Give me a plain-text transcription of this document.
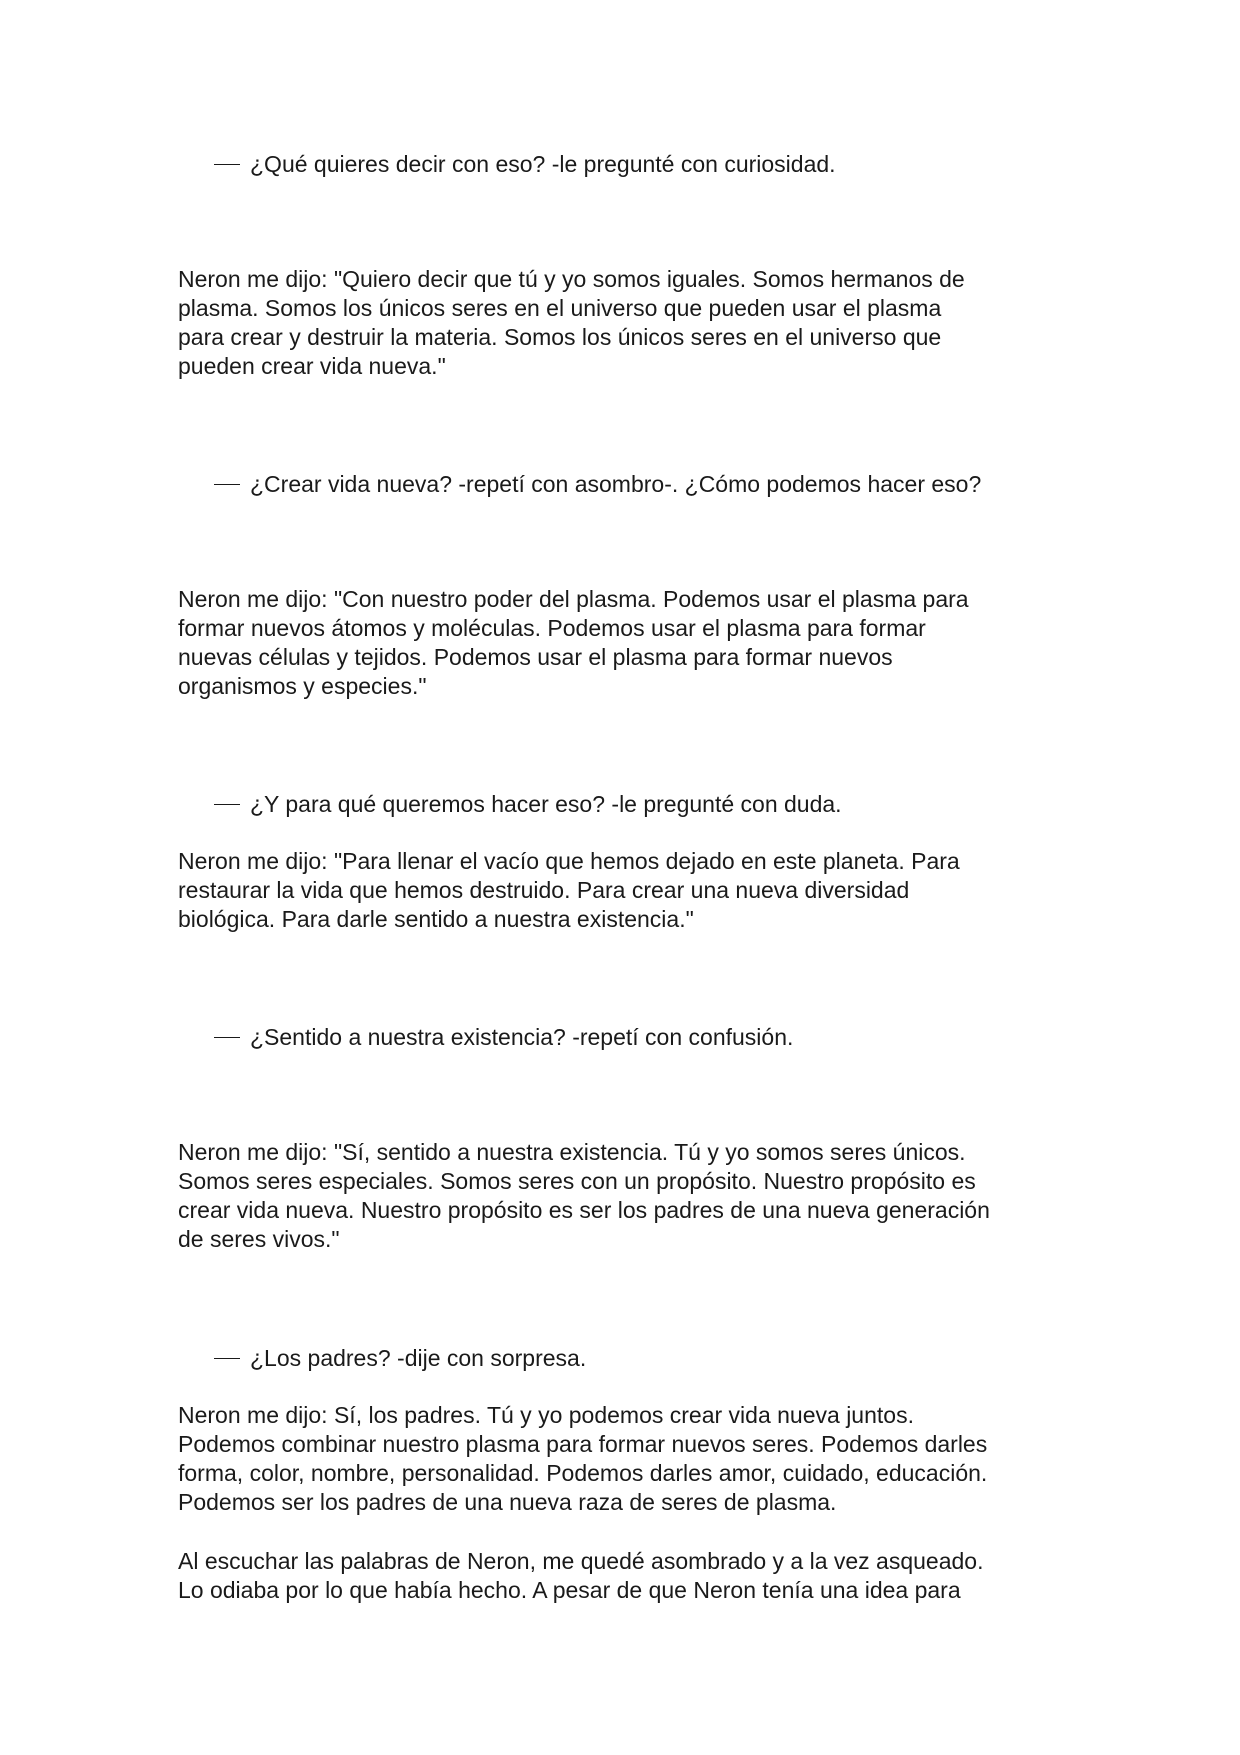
¿Qué quieres decir con eso? -le pregunté con curiosidad.

Neron me dijo: "Quiero decir que tú y yo somos iguales. Somos hermanos de
plasma. Somos los únicos seres en el universo que pueden usar el plasma
para crear y destruir la materia. Somos los únicos seres en el universo que
pueden crear vida nueva."

¿Crear vida nueva? -repetí con asombro-. ¿Cómo podemos hacer eso?

Neron me dijo: "Con nuestro poder del plasma. Podemos usar el plasma para
formar nuevos átomos y moléculas. Podemos usar el plasma para formar
nuevas células y tejidos. Podemos usar el plasma para formar nuevos
organismos y especies."

¿Y para qué queremos hacer eso? -le pregunté con duda.

Neron me dijo: "Para llenar el vacío que hemos dejado en este planeta. Para
restaurar la vida que hemos destruido. Para crear una nueva diversidad
biológica. Para darle sentido a nuestra existencia."

¿Sentido a nuestra existencia? -repetí con confusión.

Neron me dijo: "Sí, sentido a nuestra existencia. Tú y yo somos seres únicos.
Somos seres especiales. Somos seres con un propósito. Nuestro propósito es
crear vida nueva. Nuestro propósito es ser los padres de una nueva generación
de seres vivos."

¿Los padres? -dije con sorpresa.

Neron me dijo: Sí, los padres. Tú y yo podemos crear vida nueva juntos.
Podemos combinar nuestro plasma para formar nuevos seres. Podemos darles
forma, color, nombre, personalidad. Podemos darles amor, cuidado, educación.
Podemos ser los padres de una nueva raza de seres de plasma.

Al escuchar las palabras de Neron, me quedé asombrado y a la vez asqueado.
Lo odiaba por lo que había hecho. A pesar de que Neron tenía una idea para
